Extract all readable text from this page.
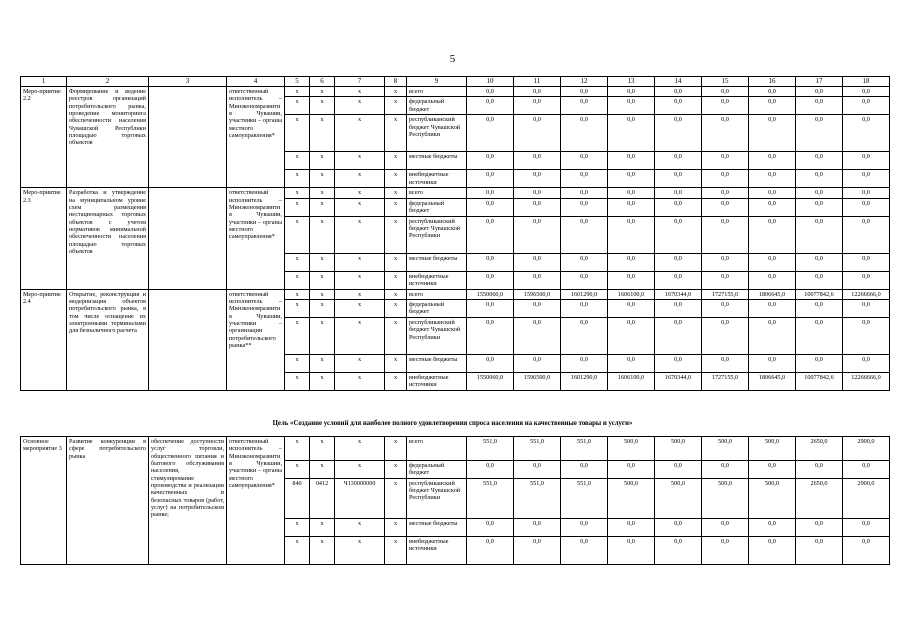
5
1	2	3	4	5	6	7	8	9	10	11	12	13	14	15	16	17	18
Меро-приятие 2.2	Формирование и ведение реестров организаций потребительского рынка, проведение мониторинга обеспеченности населения Чувашской Республики площадью торговых объектов		ответственный исполнитель – Минэкономразвития Чувашии, участники – органы местного самоуправления*	x	x	x	x	всего	0,0	0,0	0,0	0,0	0,0	0,0	0,0	0,0	0,0
				x	x	x	x	федеральный бюджет	0,0	0,0	0,0	0,0	0,0	0,0	0,0	0,0	0,0
				x	x	x	x	республиканский бюджет Чувашской Республики	0,0	0,0	0,0	0,0	0,0	0,0	0,0	0,0	0,0
				x	x	x	x	местные бюджеты	0,0	0,0	0,0	0,0	0,0	0,0	0,0	0,0	0,0
				x	x	x	x	внебюджетные источники	0,0	0,0	0,0	0,0	0,0	0,0	0,0	0,0	0,0
Меро-приятие 2.3	Разработка и утверждение на муниципальном уровне схем размещения нестационарных торговых объектов с учетом нормативов минимальной обеспеченности населения площадью торговых объектов		ответственный исполнитель – Минэкономразвития Чувашии, участники – органы местного самоуправления*	x	x	x	x	всего	0,0	0,0	0,0	0,0	0,0	0,0	0,0	0,0	0,0
				x	x	x	x	федеральный бюджет	0,0	0,0	0,0	0,0	0,0	0,0	0,0	0,0	0,0
				x	x	x	x	республиканский бюджет Чувашской Республики	0,0	0,0	0,0	0,0	0,0	0,0	0,0	0,0	0,0
				x	x	x	x	местные бюджеты	0,0	0,0	0,0	0,0	0,0	0,0	0,0	0,0	0,0
				x	x	x	x	внебюджетные источники	0,0	0,0	0,0	0,0	0,0	0,0	0,0	0,0	0,0
Меро-приятие 2.4	Открытие, реконструкция и модернизация объектов потребительского рынка, в том числе оснащение их электронными терминалами для безналичного расчета		ответственный исполнитель – Минэкономразвития Чувашии, участники – организации потребительского рынка**	x	x	x	x	всего	1550060,0	1596500,0	1601290,0	1606100,0	1670344,0	1727155,0	1806645,0	10077842,6	12266666,0
				x	x	x	x	федеральный бюджет	0,0	0,0	0,0	0,0	0,0	0,0	0,0	0,0	0,0
				x	x	x	x	республиканский бюджет Чувашской Республики	0,0	0,0	0,0	0,0	0,0	0,0	0,0	0,0	0,0
				x	x	x	x	местные бюджеты	0,0	0,0	0,0	0,0	0,0	0,0	0,0	0,0	0,0
				x	x	x	x	внебюджетные источники	1550060,0	1596500,0	1601290,0	1606100,0	1670344,0	1727155,0	1806645,0	10077842,6	12266666,0
Цель «Создание условий для наиболее полного удовлетворения спроса населения на качественные товары и услуги»
Основное мероприятие 3	Развитие конкуренции в сфере потребительского рынка	обеспечение доступности услуг торговли, общественного питания и бытового обслуживания населения, стимулирование производства и реализации качественных и безопасных товаров (работ, услуг) на потребительском рынке;	ответственный исполнитель – Минэкономразвития Чувашии, участники – органы местного самоуправления*	x	x	x	x	всего	551,0	551,0	551,0	500,0	500,0	500,0	500,0	2650,0	2900,0
				x	x	x	x	федеральный бюджет	0,0	0,0	0,0	0,0	0,0	0,0	0,0	0,0	0,0
				840	0412	Ч130000000	x	республиканский бюджет Чувашской Республики	551,0	551,0	551,0	500,0	500,0	500,0	500,0	2650,0	2900,0
				x	x	x	x	местные бюджеты	0,0	0,0	0,0	0,0	0,0	0,0	0,0	0,0	0,0
				x	x	x	x	внебюджетные источники	0,0	0,0	0,0	0,0	0,0	0,0	0,0	0,0	0,0
